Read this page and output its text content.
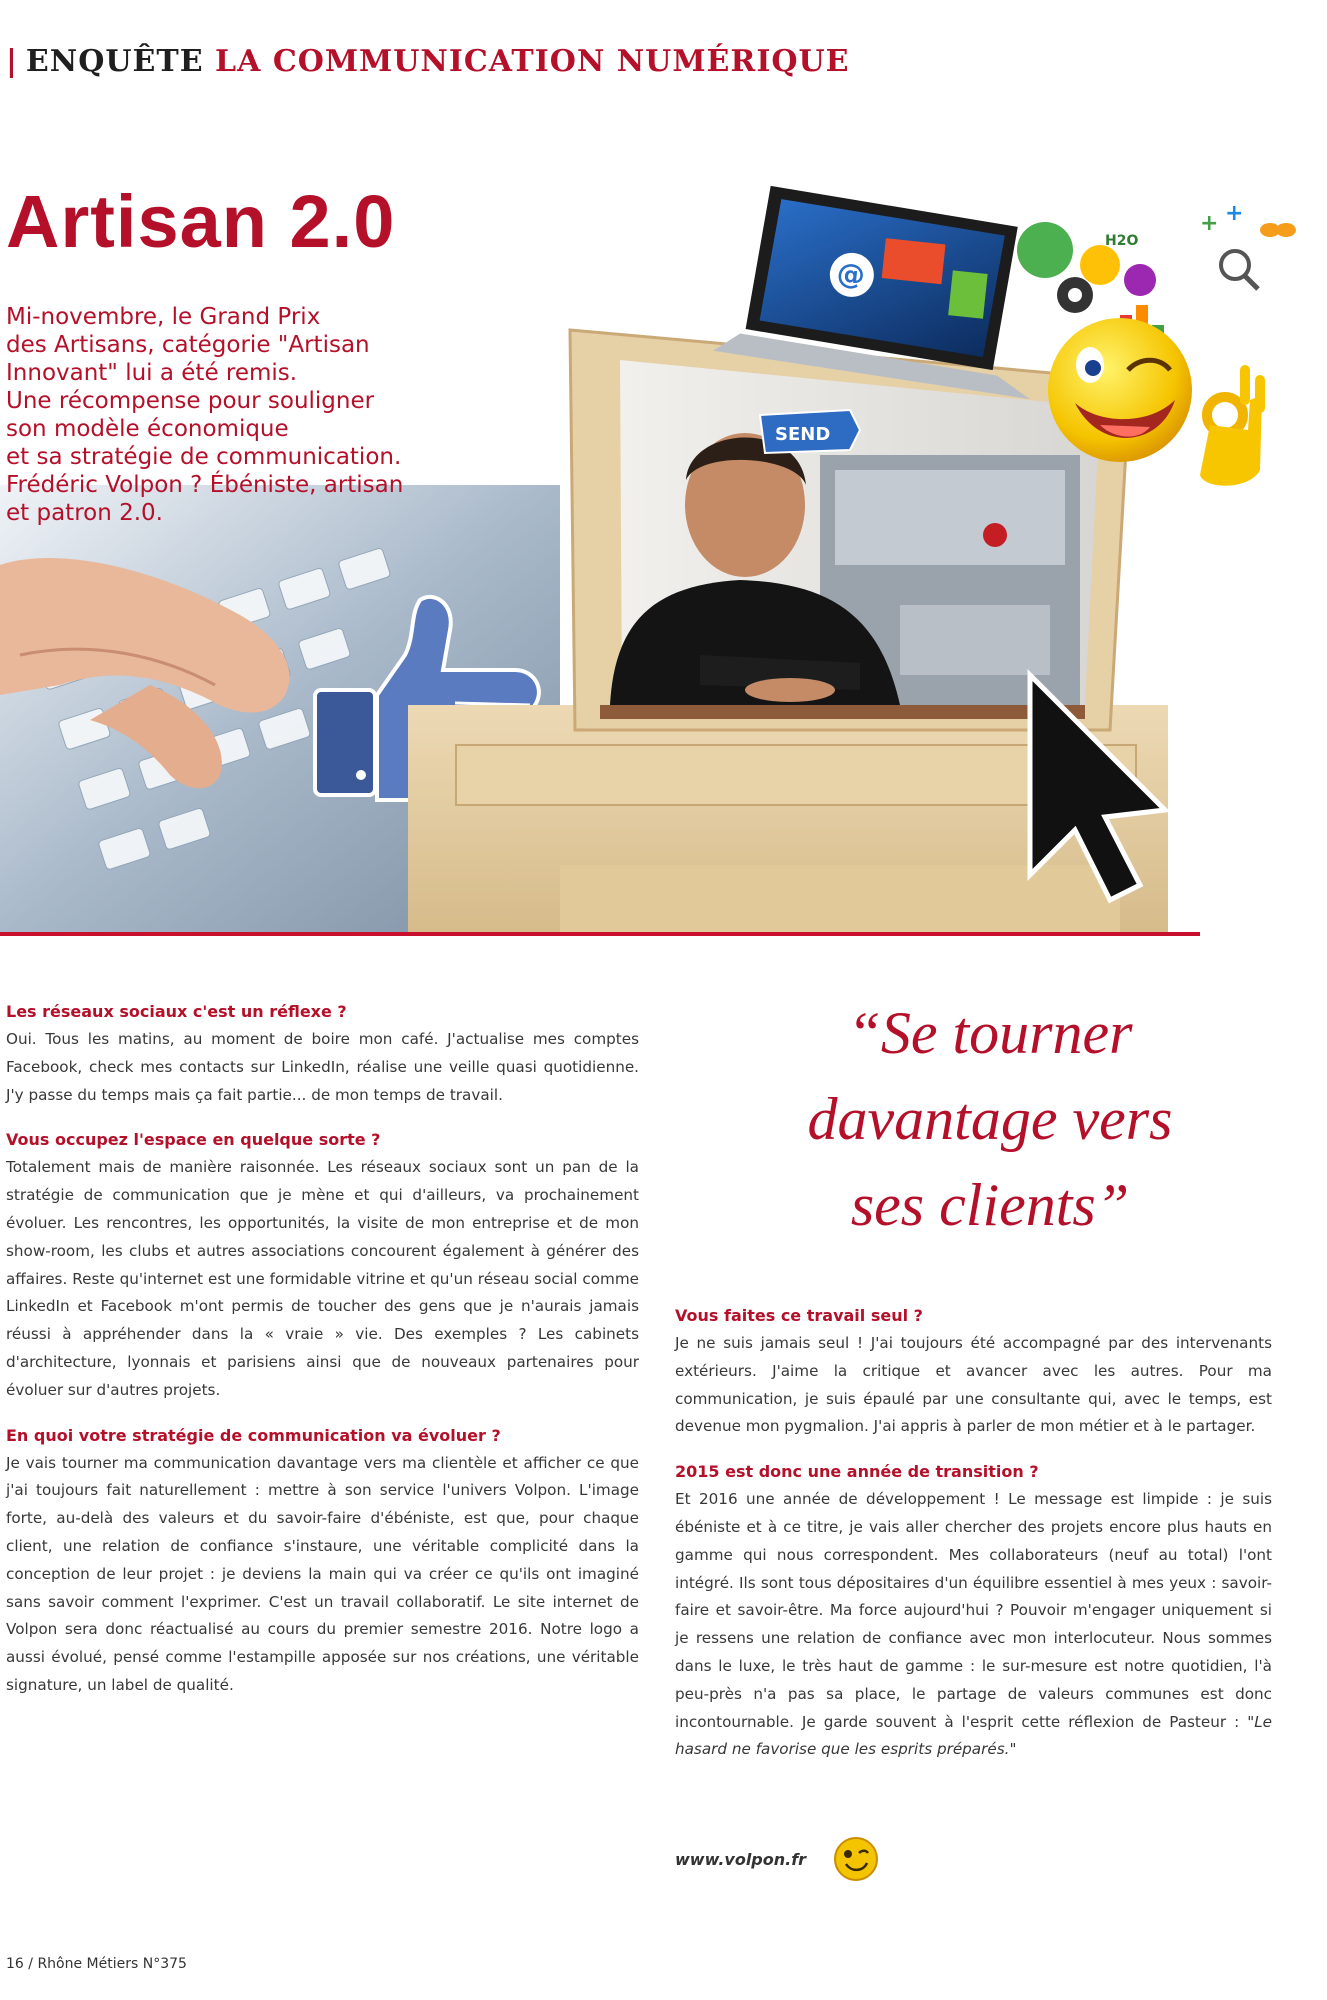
| ENQUÊTE LA COMMUNICATION NUMÉRIQUE
@
SEND
H2O
+ +
Artisan 2.0

Mi-novembre, le Grand Prix
des Artisans, catégorie "Artisan
Innovant" lui a été remis.
Une récompense pour souligner
son modèle économique
et sa stratégie de communication.
Frédéric Volpon ? Ébéniste, artisan
et patron 2.0.

Les réseaux sociaux c'est un réflexe ?

Oui. Tous les matins, au moment de boire mon café. J'actualise mes comptes Facebook, check mes contacts sur LinkedIn, réalise une veille quasi quotidienne. J'y passe du temps mais ça fait partie... de mon temps de travail.

Vous occupez l'espace en quelque sorte ?

Totalement mais de manière raisonnée. Les réseaux sociaux sont un pan de la stratégie de communication que je mène et qui d'ailleurs, va prochainement évoluer. Les rencontres, les opportunités, la visite de mon entreprise et de mon show-room, les clubs et autres associations concourent également à générer des affaires. Reste qu'internet est une formidable vitrine et qu'un réseau social comme LinkedIn et Facebook m'ont permis de toucher des gens que je n'aurais jamais réussi à appréhender dans la « vraie » vie. Des exemples ? Les cabinets d'architecture, lyonnais et parisiens ainsi que de nouveaux partenaires pour évoluer sur d'autres projets.

En quoi votre stratégie de communication va évoluer ?

Je vais tourner ma communication davantage vers ma clientèle et afficher ce que j'ai toujours fait naturellement : mettre à son service l'univers Volpon. L'image forte, au-delà des valeurs et du savoir-faire d'ébéniste, est que, pour chaque client, une relation de confiance s'instaure, une véritable complicité dans la conception de leur projet : je deviens la main qui va créer ce qu'ils ont imaginé sans savoir comment l'exprimer. C'est un travail collaboratif. Le site internet de Volpon sera donc réactualisé au cours du premier semestre 2016. Notre logo a aussi évolué, pensé comme l'estampille apposée sur nos créations, une véritable signature, un label de qualité.

“Se tourner
davantage vers
ses clients”

Vous faites ce travail seul ?

Je ne suis jamais seul ! J'ai toujours été accompagné par des intervenants extérieurs. J'aime la critique et avancer avec les autres. Pour ma communication, je suis épaulé par une consultante qui, avec le temps, est devenue mon pygmalion. J'ai appris à parler de mon métier et à le partager.

2015 est donc une année de transition ?

Et 2016 une année de développement ! Le message est limpide : je suis ébéniste et à ce titre, je vais aller chercher des projets encore plus hauts en gamme qui nous correspondent. Mes collaborateurs (neuf au total) l'ont intégré. Ils sont tous dépositaires d'un équilibre essentiel à mes yeux : savoir-faire et savoir-être. Ma force aujourd'hui ? Pouvoir m'engager uniquement si je ressens une relation de confiance avec mon interlocuteur. Nous sommes dans le luxe, le très haut de gamme : le sur-mesure est notre quotidien, l'à peu-près n'a pas sa place, le partage de valeurs communes est donc incontournable. Je garde souvent à l'esprit cette réflexion de Pasteur : "Le hasard ne favorise que les esprits préparés."

www.volpon.fr
16 / Rhône Métiers N°375
